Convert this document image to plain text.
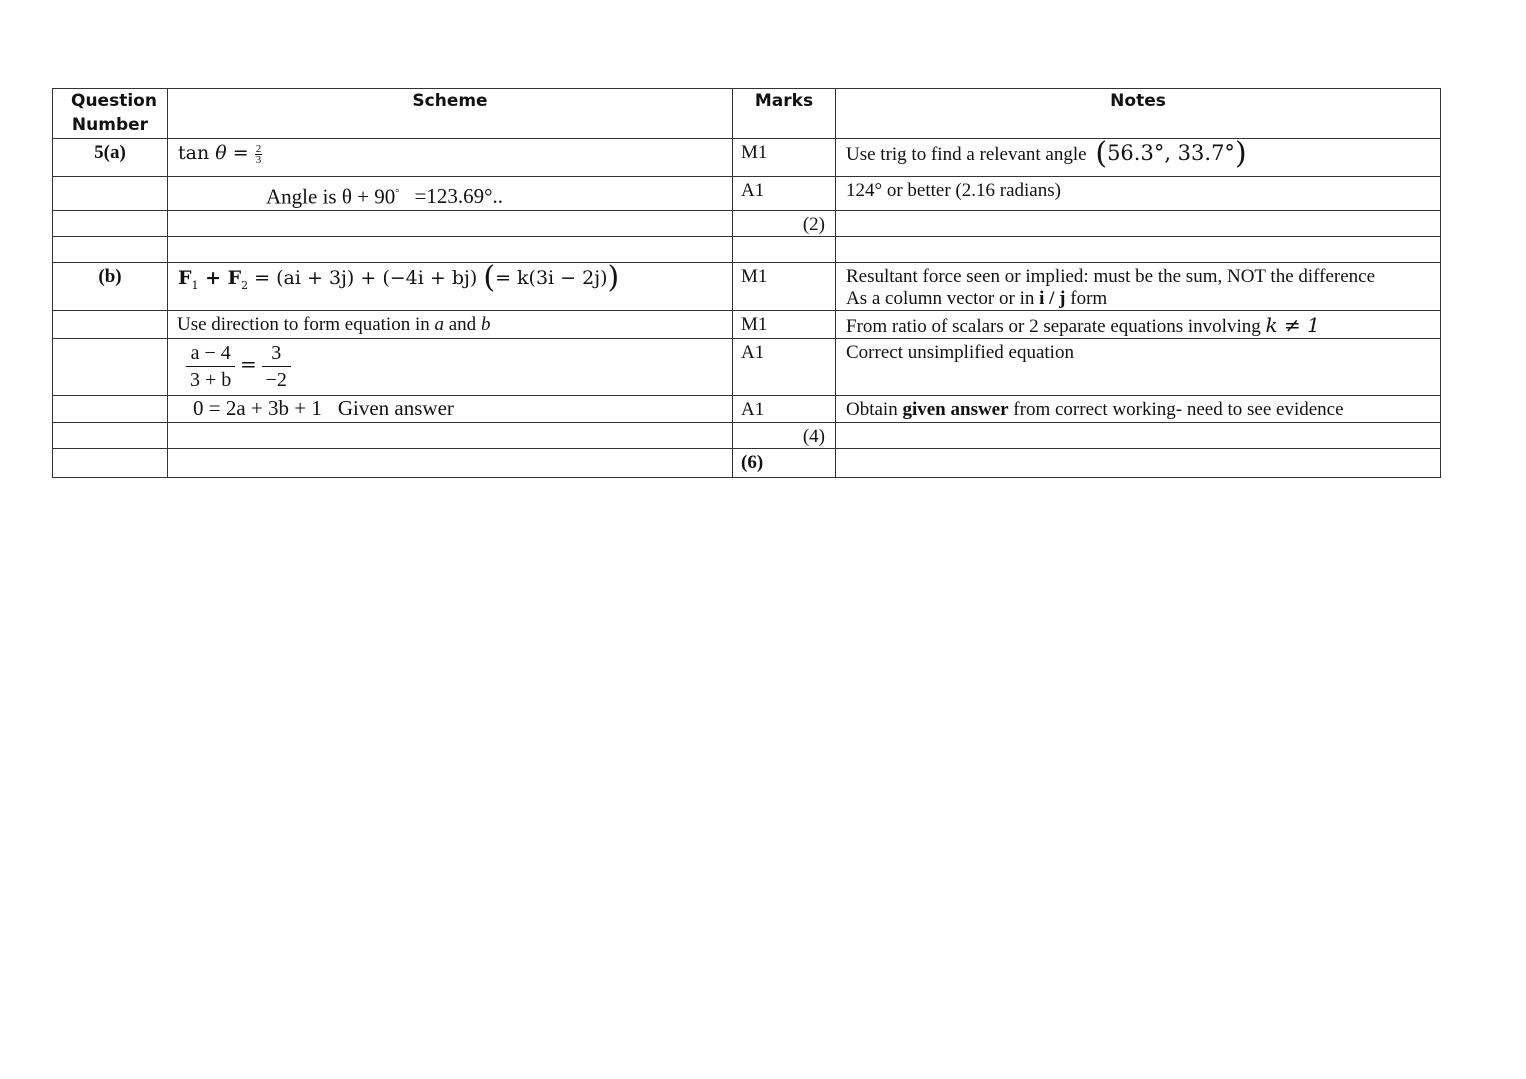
Question Number	Scheme	Marks	Notes
5(a)	$\tan \theta = \frac{2}{3}$	M1	Use trig to find a relevant angle (56.3°, 33.7°)
	Angle is θ + 90° =123.69°..	A1	124° or better (2.16 radians)
		(2)	

(b)	$F_1 + F_2 = (ai + 3j) + (-4i + bj)$ (= k(3i − 2j))	M1	Resultant force seen or implied: must be the sum, NOT the difference
As a column vector or in i / j form

	Use direction to form equation in a and b	M1	From ratio of scalars or 2 separate equations involving k ≠ 1

	$\frac{a - 4}{3 + b} = \frac{3}{-2}$	A1	Correct unsimplified equation
	0 = 2a + 3b + 1 Given answer	A1	Obtain given answer from correct working- need to see evidence
		(4)	
		(6)	
